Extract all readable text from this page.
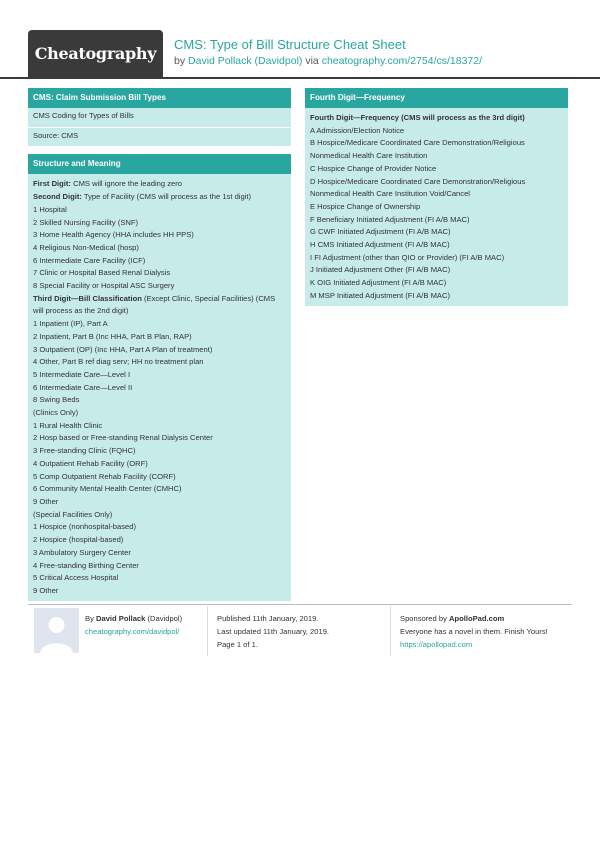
Cheatography CMS: Type of Bill Structure Cheat Sheet
by David Pollack (Davidpol) via cheatography.com/2754/cs/18372/
CMS: Claim Submission Bill Types
CMS Coding for Types of Bills
Source: CMS
Structure and Meaning
First Digit: CMS will ignore the leading zero
Second Digit: Type of Facility (CMS will process as the 1st digit)
1 Hospital
2 Skilled Nursing Facility (SNF)
3 Home Health Agency (HHA includes HH PPS)
4 Religious Non-Medical (hosp)
6 Intermediate Care Facility (ICF)
7 Clinic or Hospital Based Renal Dialysis
8 Special Facility or Hospital ASC Surgery
Third Digit—Bill Classification (Except Clinic, Special Facilities) (CMS will process as the 2nd digit)
1 Inpatient (IP), Part A
2 Inpatient, Part B (Inc HHA, Part B Plan, RAP)
3 Outpatient (OP) (Inc HHA, Part A Plan of treatment)
4 Other, Part B ref diag serv; HH no treatment plan
5 Intermediate Care—Level I
6 Intermediate Care—Level II
8 Swing Beds
(Clinics Only)
1 Rural Health Clinic
2 Hosp based or Free-standing Renal Dialysis Center
3 Free-standing Clinic (FQHC)
4 Outpatient Rehab Facility (ORF)
5 Comp Outpatient Rehab Facility (CORF)
6 Community Mental Health Center (CMHC)
9 Other
(Special Facilities Only)
1 Hospice (nonhospital-based)
2 Hospice (hospital-based)
3 Ambulatory Surgery Center
4 Free-standing Birthing Center
5 Critical Access Hospital
9 Other
Fourth Digit—Frequency
Fourth Digit—Frequency (CMS will process as the 3rd digit)
A Admission/Election Notice
B Hospice/Medicare Coordinated Care Demonstration/Religious
Nonmedical Health Care Institution
C Hospice Change of Provider Notice
D Hospice/Medicare Coordinated Care Demonstration/Religious
Nonmedical Health Care Institution Void/Cancel
E Hospice Change of Ownership
F Beneficiary Initiated Adjustment (FI A/B MAC)
G CWF Initiated Adjustment (FI A/B MAC)
H CMS Initiated Adjustment (FI A/B MAC)
I FI Adjustment (other than QIO or Provider) (FI A/B MAC)
J Initiated Adjustment Other (FI A/B MAC)
K OIG Initiated Adjustment (FI A/B MAC)
M MSP Initiated Adjustment (FI A/B MAC)
By David Pollack (Davidpol)
cheatography.com/davidpol/
Published 11th January, 2019.
Last updated 11th January, 2019.
Page 1 of 1.
Sponsored by ApolloPad.com
Everyone has a novel in them. Finish Yours!
https://apollopad.com
